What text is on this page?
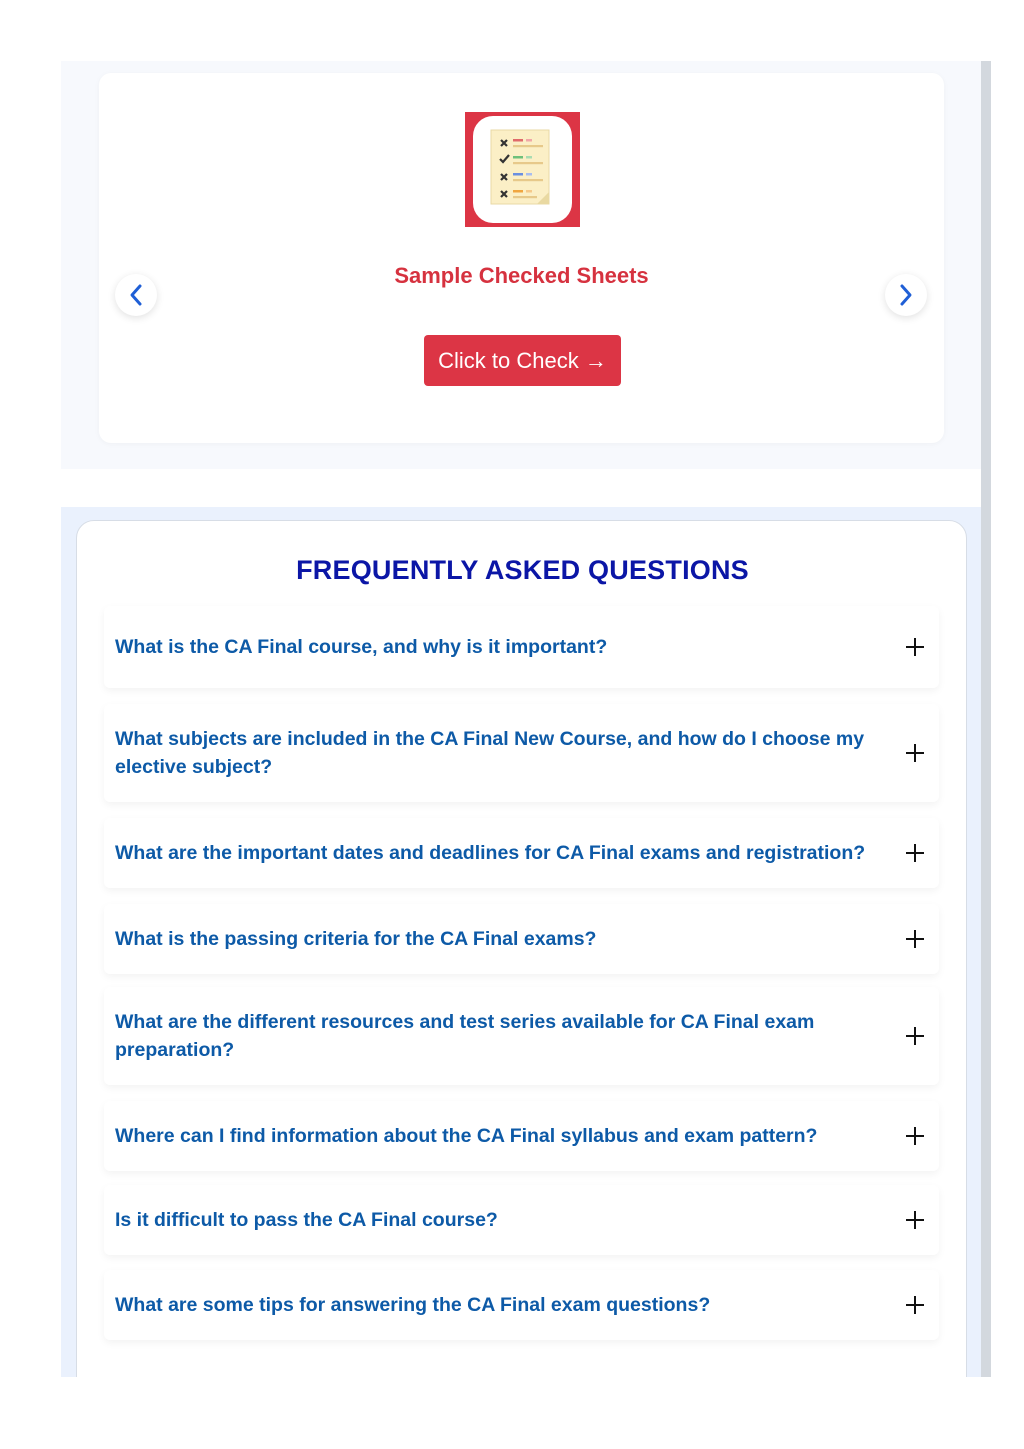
Sample Checked Sheets
Click to Check →
FREQUENTLY ASKED QUESTIONS
What is the CA Final course, and why is it important?
What subjects are included in the CA Final New Course, and how do I choose my elective subject?
What are the important dates and deadlines for CA Final exams and registration?
What is the passing criteria for the CA Final exams?
What are the different resources and test series available for CA Final exam preparation?
Where can I find information about the CA Final syllabus and exam pattern?
Is it difficult to pass the CA Final course?
What are some tips for answering the CA Final exam questions?
